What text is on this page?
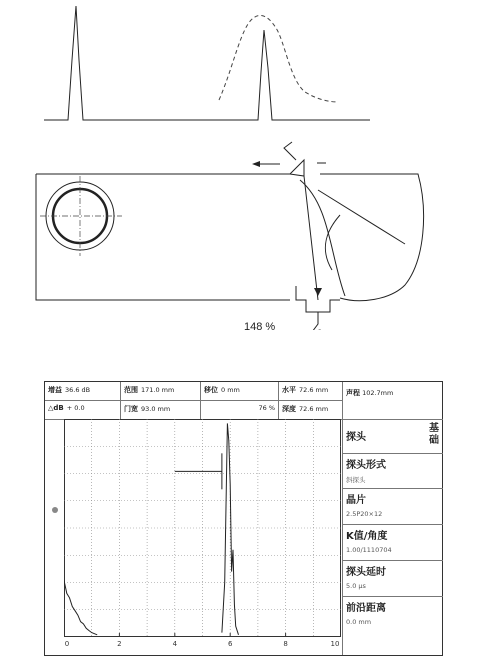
148 %
增益 36.6 dB	范围 171.0 mm	移位 0 mm	水平 72.6 mm
△dB + 0.0	门宽 93.0 mm	76 %	深度 72.6 mm
声程 102.7mm
探头
基
础
探头形式
斜探头
晶片
2.5P20×12
K值/角度
1.00/1110704
探头延时
5.0 μs
前沿距离
0.0 mm
0	2	4	6	8	10
